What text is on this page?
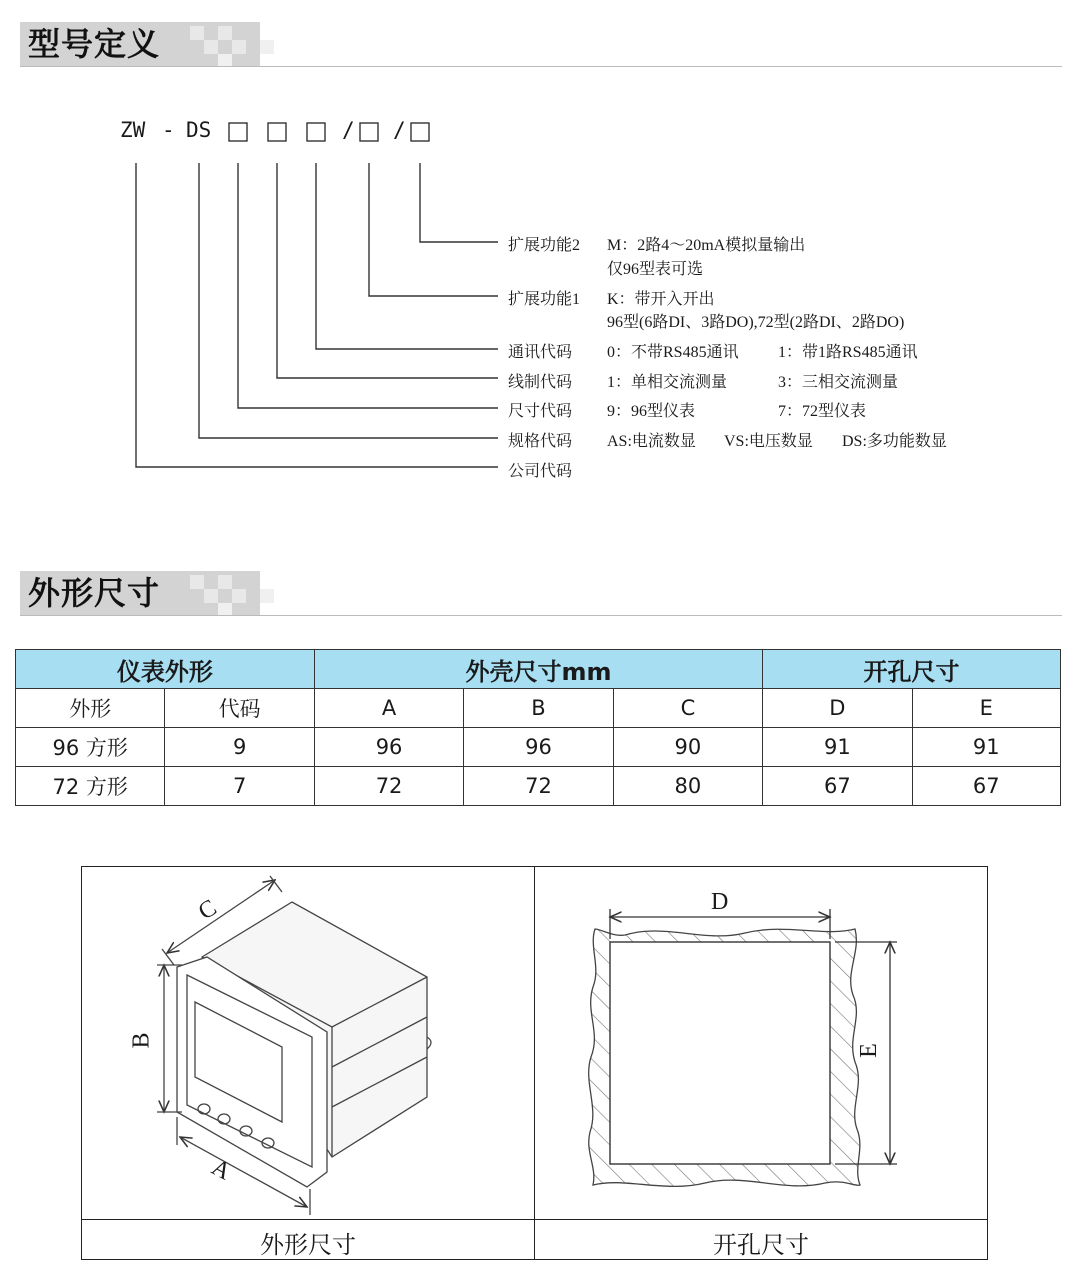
型号定义
ZW - DS	/ /
扩展功能2 M：2路4～20mA模拟量输出
仅96型表可选
扩展功能1 K：带开入开出
96型(6路DI、3路DO),72型(2路DI、2路DO)
通讯代码 0：不带RS485通讯 1：带1路RS485通讯
线制代码 1：单相交流测量	3：三相交流测量
尺寸代码 9：96型仪表	7：72型仪表
规格代码 AS:电流数显 VS:电压数显 DS:多功能数显
公司代码
外形尺寸
仪表外形		外壳尺寸mm			开孔尺寸	
外形	代码	A	B	C	D	E
96 方形	9	96	96	90	91	91
72 方形	7	72	72	80	67	67
C
B
A
D
E
外形尺寸	开孔尺寸
